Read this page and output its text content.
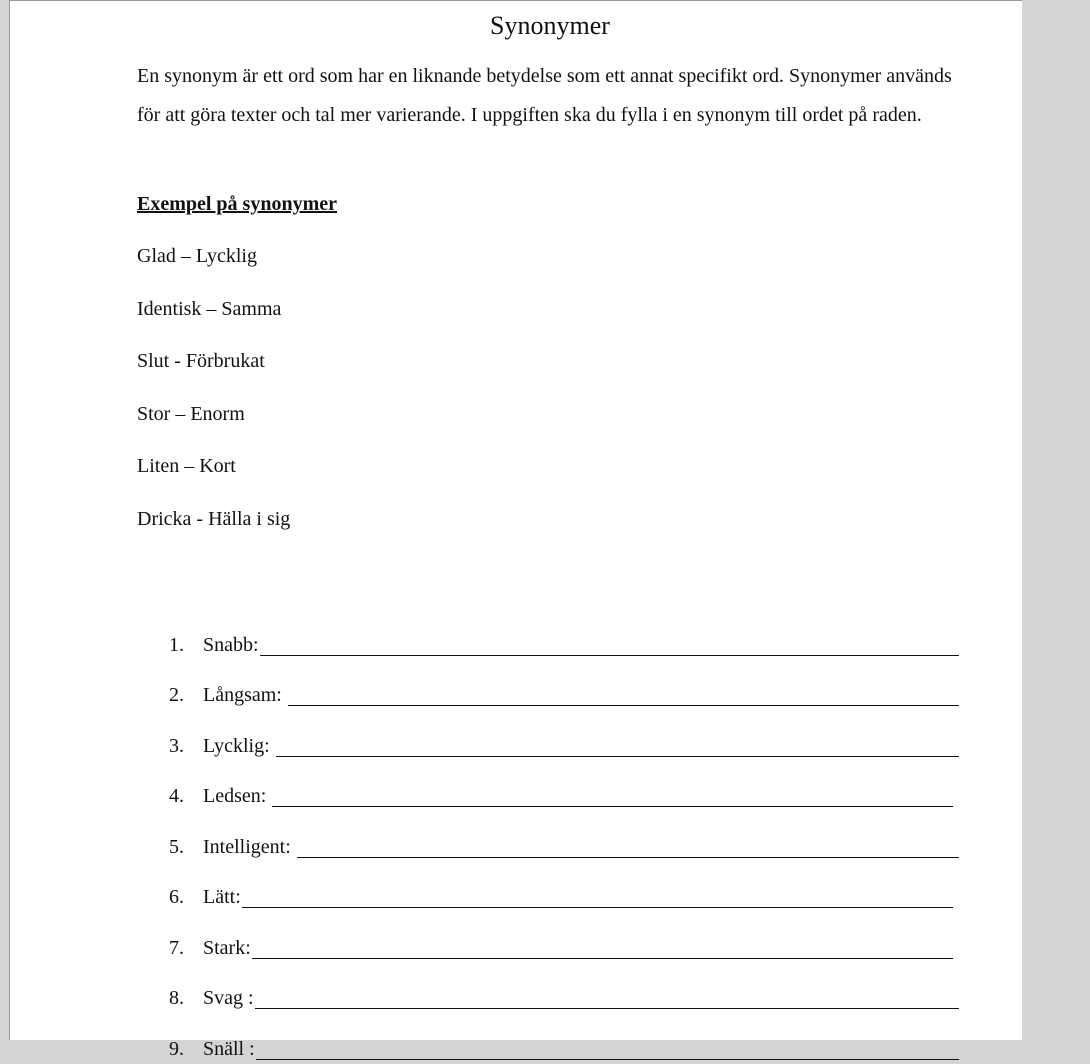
Synonymer

En synonym är ett ord som har en liknande betydelse som ett annat specifikt ord. Synonymer används för att göra texter och tal mer varierande. I uppgiften ska du fylla i en synonym till ordet på raden.

Exempel på synonymer

Glad – Lycklig
Identisk – Samma
Slut - Förbrukat
Stor – Enorm
Liten – Kort
Dricka - Hälla i sig
1. Snabb:
2. Långsam:
3. Lycklig:
4. Ledsen:
5. Intelligent:
6. Lätt:
7. Stark:
8. Svag :
9. Snäll :
